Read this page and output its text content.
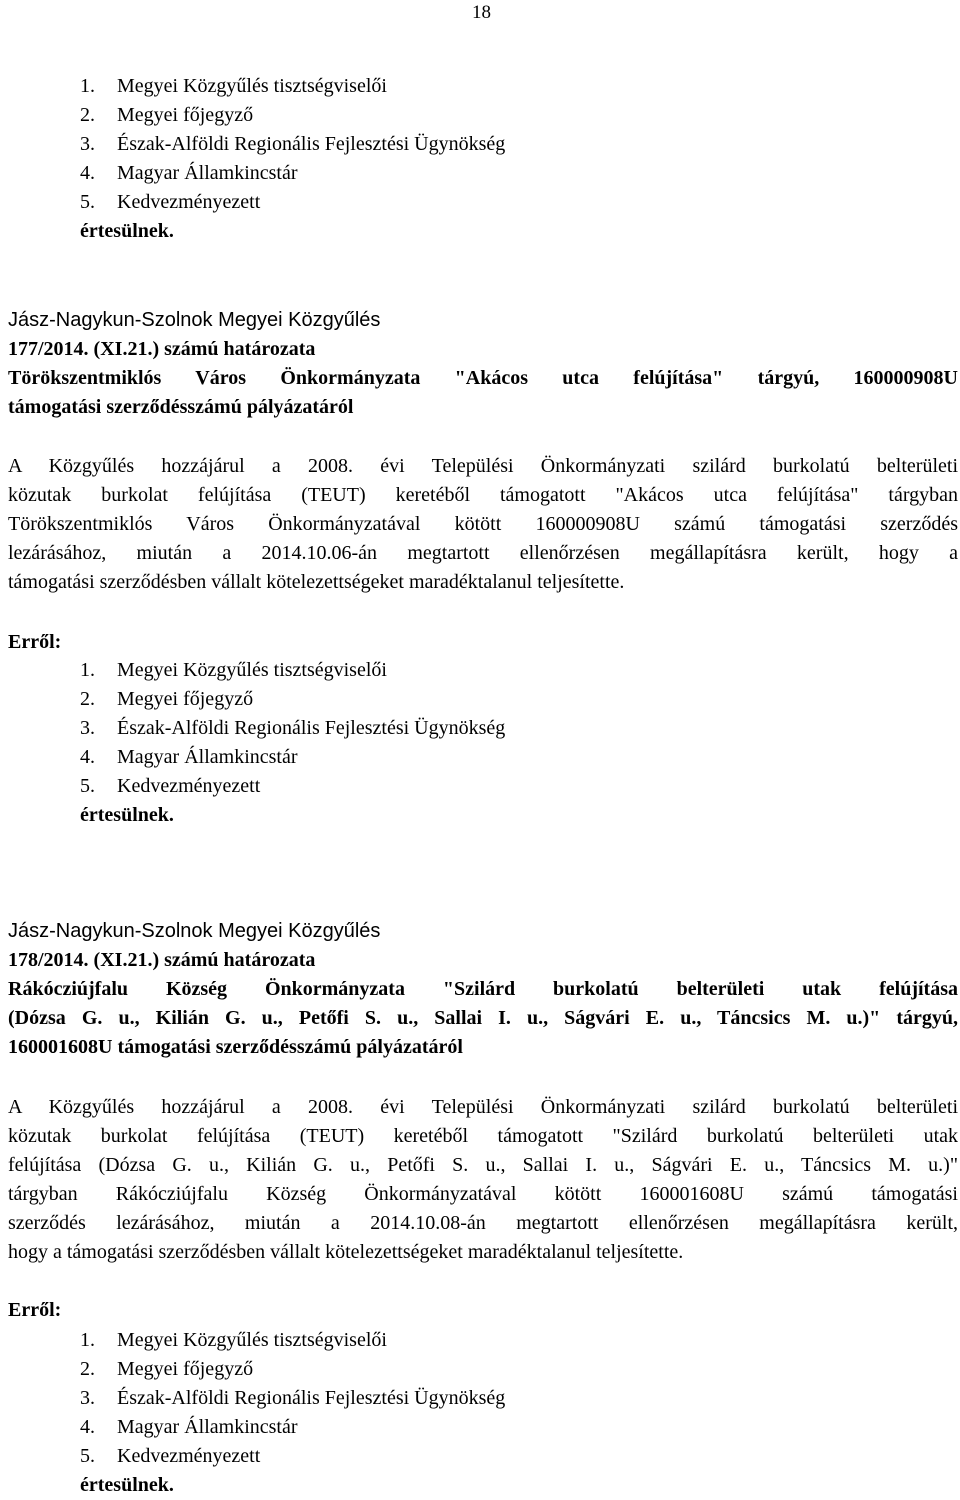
18
1. Megyei Közgyűlés tisztségviselői
2. Megyei főjegyző
3. Észak-Alföldi Regionális Fejlesztési Ügynökség
4. Magyar Államkincstár
5. Kedvezményezett
értesülnek.
Jász-Nagykun-Szolnok Megyei Közgyűlés
177/2014. (XI.21.) számú határozata
Törökszentmiklós Város Önkormányzata "Akácos utca felújítása" tárgyú, 160000908U
támogatási szerződésszámú pályázatáról
A Közgyűlés hozzájárul a 2008. évi Települési Önkormányzati szilárd burkolatú belterületi
közutak burkolat felújítása (TEUT) keretéből támogatott "Akácos utca felújítása" tárgyban
Törökszentmiklós Város Önkormányzatával kötött 160000908U számú támogatási szerződés
lezárásához, miután a 2014.10.06-án megtartott ellenőrzésen megállapításra került, hogy a
támogatási szerződésben vállalt kötelezettségeket maradéktalanul teljesítette.
Erről:
1. Megyei Közgyűlés tisztségviselői
2. Megyei főjegyző
3. Észak-Alföldi Regionális Fejlesztési Ügynökség
4. Magyar Államkincstár
5. Kedvezményezett
értesülnek.
Jász-Nagykun-Szolnok Megyei Közgyűlés
178/2014. (XI.21.) számú határozata
Rákócziújfalu Község Önkormányzata "Szilárd burkolatú belterületi utak felújítása
(Dózsa G. u., Kilián G. u., Petőfi S. u., Sallai I. u., Ságvári E. u., Táncsics M. u.)" tárgyú,
160001608U támogatási szerződésszámú pályázatáról
A Közgyűlés hozzájárul a 2008. évi Települési Önkormányzati szilárd burkolatú belterületi
közutak burkolat felújítása (TEUT) keretéből támogatott "Szilárd burkolatú belterületi utak
felújítása (Dózsa G. u., Kilián G. u., Petőfi S. u., Sallai I. u., Ságvári E. u., Táncsics M. u.)"
tárgyban Rákócziújfalu Község Önkormányzatával kötött 160001608U számú támogatási
szerződés lezárásához, miután a 2014.10.08-án megtartott ellenőrzésen megállapításra került,
hogy a támogatási szerződésben vállalt kötelezettségeket maradéktalanul teljesítette.
Erről:
1. Megyei Közgyűlés tisztségviselői
2. Megyei főjegyző
3. Észak-Alföldi Regionális Fejlesztési Ügynökség
4. Magyar Államkincstár
5. Kedvezményezett
értesülnek.
